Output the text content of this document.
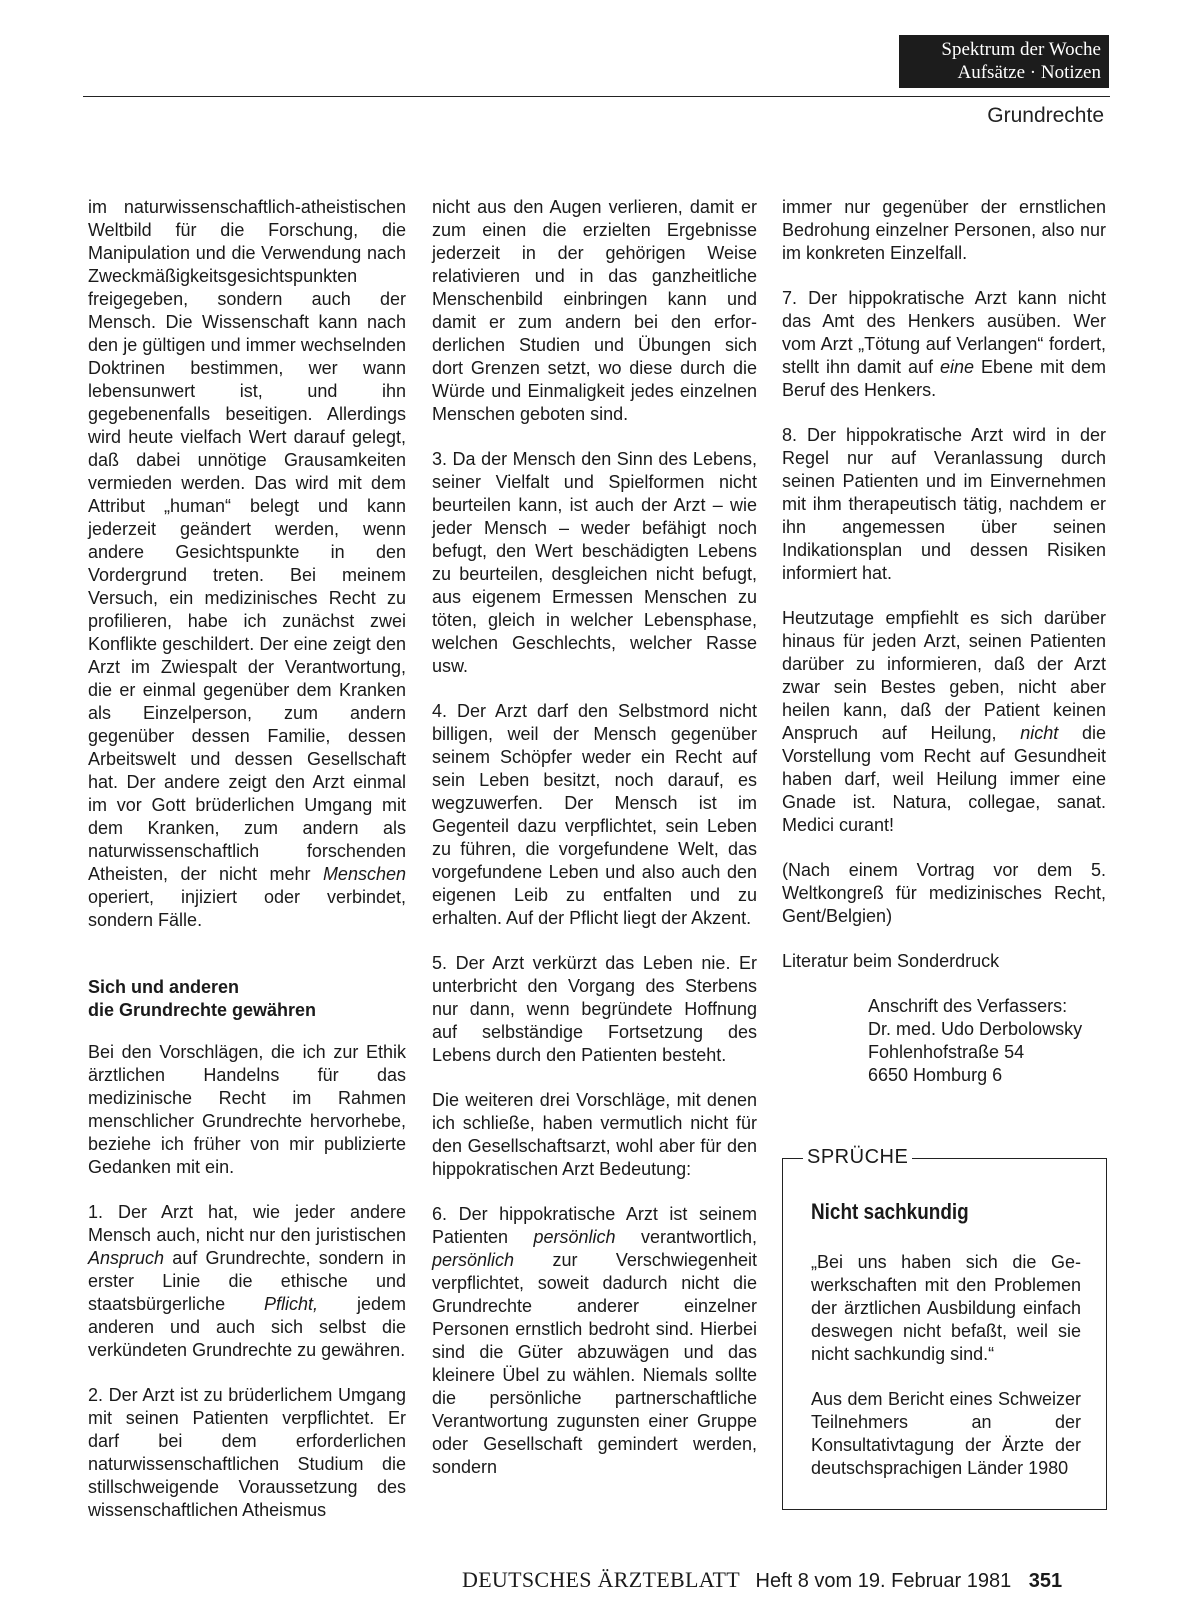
Spektrum der Woche
Aufsätze · Notizen
Grundrechte

im naturwissenschaftlich-atheistischen Weltbild für die Forschung, die Manipulation und die Verwendung nach Zweckmäßigkeitsgesichtspunkten freigegeben, sondern auch der Mensch. Die Wissenschaft kann nach den je gültigen und immer wechselnden Doktrinen bestimmen, wer wann lebensunwert ist, und ihn gegebenenfalls beseitigen. Allerdings wird heute vielfach Wert darauf gelegt, daß dabei unnötige Grausamkeiten vermieden werden. Das wird mit dem Attribut „human“ belegt und kann jederzeit geändert werden, wenn andere Gesichtspunkte in den Vordergrund treten. Bei meinem Versuch, ein medizinisches Recht zu profilieren, habe ich zunächst zwei Konflikte geschildert. Der eine zeigt den Arzt im Zwiespalt der Verantwortung, die er einmal gegenüber dem Kranken als Einzelperson, zum andern gegenüber dessen Familie, dessen Arbeitswelt und dessen Gesellschaft hat. Der andere zeigt den Arzt einmal im vor Gott brüderlichen Umgang mit dem Kranken, zum andern als naturwissenschaftlich forschenden Atheisten, der nicht mehr Menschen operiert, injiziert oder verbindet, sondern Fälle.

Sich und anderen
die Grundrechte gewähren

Bei den Vorschlägen, die ich zur Ethik ärztlichen Handelns für das medizinische Recht im Rahmen menschlicher Grundrechte hervorhebe, beziehe ich früher von mir publizierte Gedanken mit ein.

1. Der Arzt hat, wie jeder andere Mensch auch, nicht nur den juristischen Anspruch auf Grundrechte, sondern in erster Linie die ethische und staatsbürgerliche Pflicht, jedem anderen und auch sich selbst die verkündeten Grundrechte zu gewähren.

2. Der Arzt ist zu brüderlichem Umgang mit seinen Patienten verpflichtet. Er darf bei dem erforderlichen naturwissenschaftlichen Studium die stillschweigende Voraussetzung des wissenschaftlichen Atheismus

nicht aus den Augen verlieren, damit er zum einen die erzielten Ergebnisse jederzeit in der gehörigen Weise relativieren und in das ganzheitliche Menschenbild einbringen kann und damit er zum andern bei den erforderlichen Studien und Übungen sich dort Grenzen setzt, wo diese durch die Würde und Einmaligkeit jedes einzelnen Menschen geboten sind.

3. Da der Mensch den Sinn des Lebens, seiner Vielfalt und Spielformen nicht beurteilen kann, ist auch der Arzt – wie jeder Mensch – weder befähigt noch befugt, den Wert beschädigten Lebens zu beurteilen, desgleichen nicht befugt, aus eigenem Ermessen Menschen zu töten, gleich in welcher Lebensphase, welchen Geschlechts, welcher Rasse usw.

4. Der Arzt darf den Selbstmord nicht billigen, weil der Mensch gegenüber seinem Schöpfer weder ein Recht auf sein Leben besitzt, noch darauf, es wegzuwerfen. Der Mensch ist im Gegenteil dazu verpflichtet, sein Leben zu führen, die vorgefundene Welt, das vorgefundene Leben und also auch den eigenen Leib zu entfalten und zu erhalten. Auf der Pflicht liegt der Akzent.

5. Der Arzt verkürzt das Leben nie. Er unterbricht den Vorgang des Sterbens nur dann, wenn begründete Hoffnung auf selbständige Fortsetzung des Lebens durch den Patienten besteht.

Die weiteren drei Vorschläge, mit denen ich schließe, haben vermutlich nicht für den Gesellschaftsarzt, wohl aber für den hippokratischen Arzt Bedeutung:

6. Der hippokratische Arzt ist seinem Patienten persönlich verantwortlich, persönlich zur Verschwiegenheit verpflichtet, soweit dadurch nicht die Grundrechte anderer einzelner Personen ernstlich bedroht sind. Hierbei sind die Güter abzuwägen und das kleinere Übel zu wählen. Niemals sollte die persönliche partnerschaftliche Verantwortung zugunsten einer Gruppe oder Gesellschaft gemindert werden, sondern

immer nur gegenüber der ernstlichen Bedrohung einzelner Personen, also nur im konkreten Einzelfall.

7. Der hippokratische Arzt kann nicht das Amt des Henkers ausüben. Wer vom Arzt „Tötung auf Verlangen“ fordert, stellt ihn damit auf eine Ebene mit dem Beruf des Henkers.

8. Der hippokratische Arzt wird in der Regel nur auf Veranlassung durch seinen Patienten und im Einvernehmen mit ihm therapeutisch tätig, nachdem er ihn angemessen über seinen Indikationsplan und dessen Risiken informiert hat.

Heutzutage empfiehlt es sich darüber hinaus für jeden Arzt, seinen Patienten darüber zu informieren, daß der Arzt zwar sein Bestes geben, nicht aber heilen kann, daß der Patient keinen Anspruch auf Heilung, nicht die Vorstellung vom Recht auf Gesundheit haben darf, weil Heilung immer eine Gnade ist. Natura, collegae, sanat. Medici curant!

(Nach einem Vortrag vor dem 5. Weltkongreß für medizinisches Recht, Gent/Belgien)

Literatur beim Sonderdruck

Anschrift des Verfassers:
Dr. med. Udo Derbolowsky
Fohlenhofstraße 54
6650 Homburg 6

SPRÜCHE
Nicht sachkundig

„Bei uns haben sich die Gewerkschaften mit den Problemen der ärztlichen Ausbildung einfach deswegen nicht befaßt, weil sie nicht sachkundig sind.“

Aus dem Bericht eines Schweizer Teilnehmers an der Konsultativtagung der Ärzte der deutschsprachigen Länder 1980

DEUTSCHES ÄRZTEBLATT Heft 8 vom 19. Februar 1981 351
